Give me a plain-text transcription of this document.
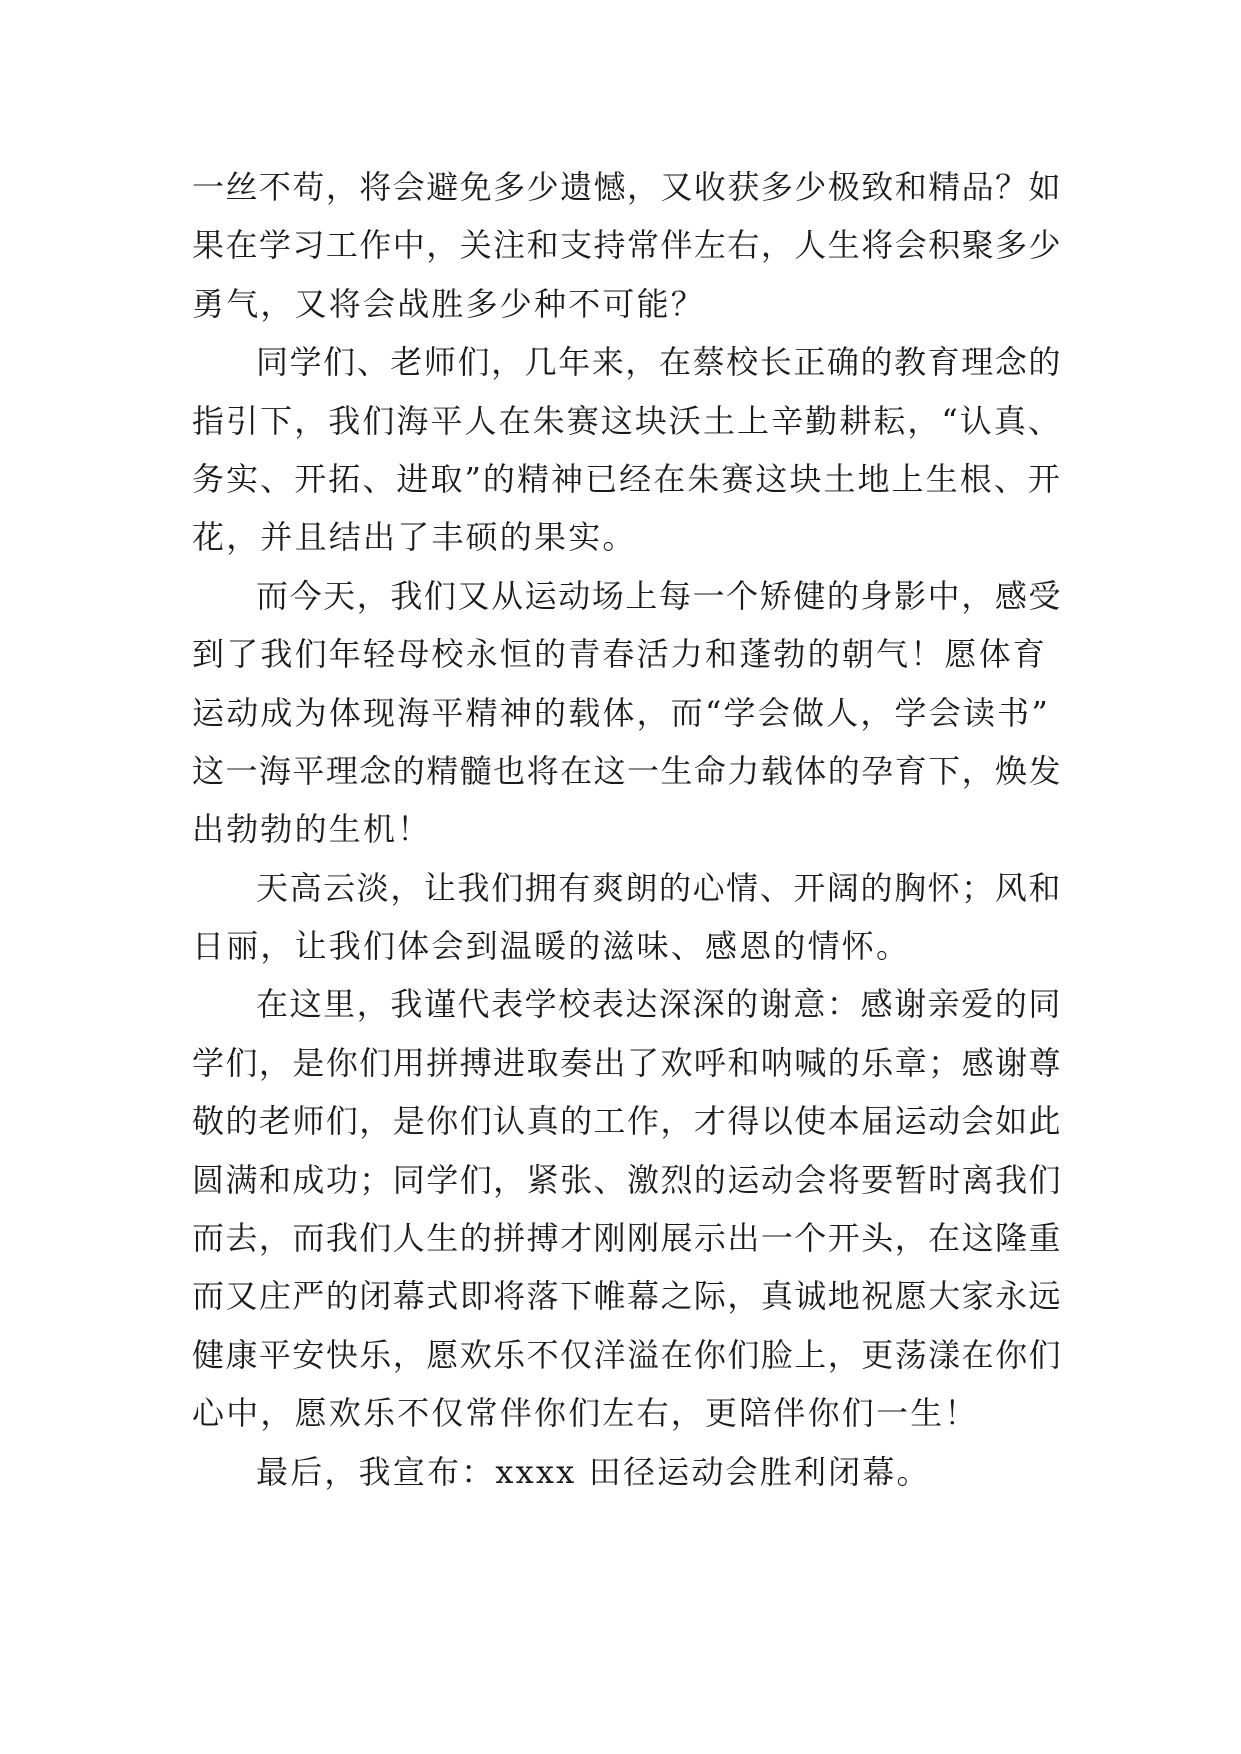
一丝不苟，将会避免多少遗憾，又收获多少极致和精品？如
果在学习工作中，关注和支持常伴左右，人生将会积聚多少
勇气，又将会战胜多少种不可能？
同学们、老师们，几年来，在蔡校长正确的教育理念的
指引下，我们海平人在朱赛这块沃土上辛勤耕耘，“认真、
务实、开拓、进取”的精神已经在朱赛这块土地上生根、开
花，并且结出了丰硕的果实。
而今天，我们又从运动场上每一个矫健的身影中，感受
到了我们年轻母校永恒的青春活力和蓬勃的朝气！愿体育
运动成为体现海平精神的载体，而“学会做人，学会读书”
这一海平理念的精髓也将在这一生命力载体的孕育下，焕发
出勃勃的生机！
天高云淡，让我们拥有爽朗的心情、开阔的胸怀；风和
日丽，让我们体会到温暖的滋味、感恩的情怀。
在这里，我谨代表学校表达深深的谢意：感谢亲爱的同
学们，是你们用拼搏进取奏出了欢呼和呐喊的乐章；感谢尊
敬的老师们，是你们认真的工作，才得以使本届运动会如此
圆满和成功；同学们，紧张、激烈的运动会将要暂时离我们
而去，而我们人生的拼搏才刚刚展示出一个开头，在这隆重
而又庄严的闭幕式即将落下帷幕之际，真诚地祝愿大家永远
健康平安快乐，愿欢乐不仅洋溢在你们脸上，更荡漾在你们
心中，愿欢乐不仅常伴你们左右，更陪伴你们一生！
最后，我宣布：xxxx 田径运动会胜利闭幕。
